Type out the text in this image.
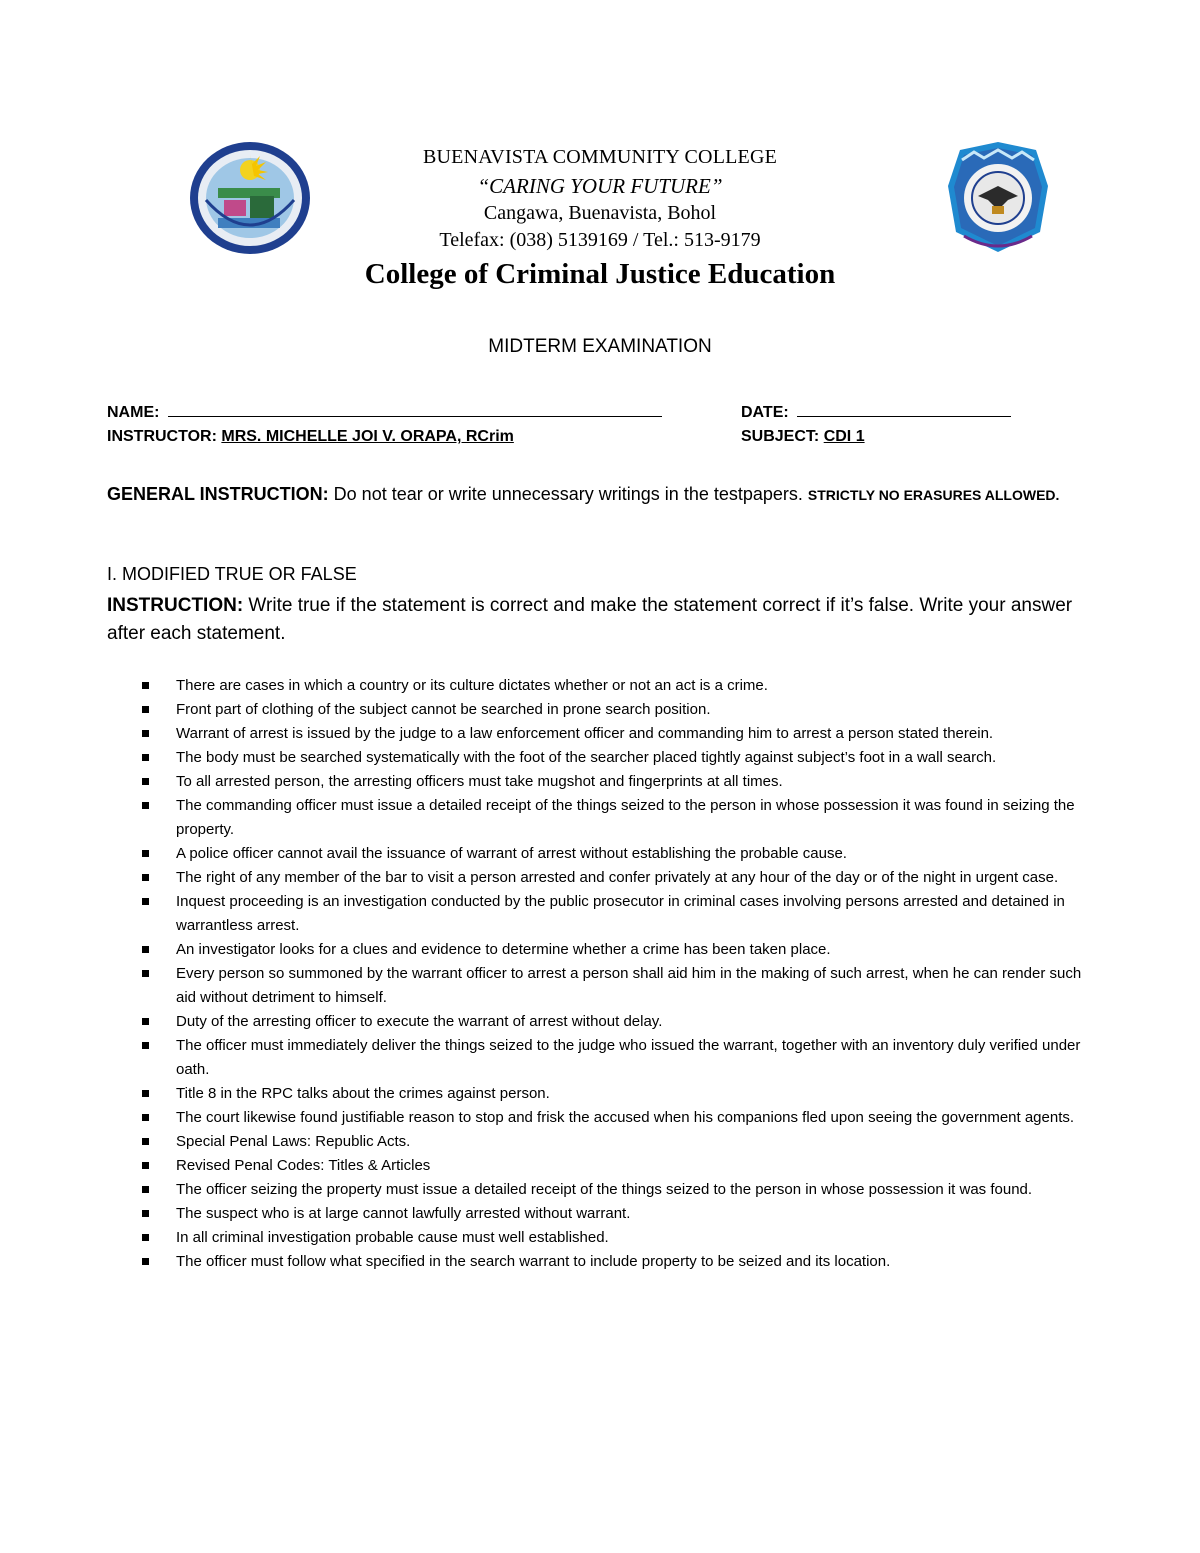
BUENAVISTA COMMUNITY COLLEGE
“CARING YOUR FUTURE”
Cangawa, Buenavista, Bohol
Telefax: (038) 5139169 / Tel.: 513-9179
College of Criminal Justice Education
MIDTERM EXAMINATION
NAME:	DATE:
INSTRUCTOR: MRS. MICHELLE JOI V. ORAPA, RCrim	SUBJECT: CDI 1
GENERAL INSTRUCTION: Do not tear or write unnecessary writings in the testpapers. STRICTLY NO ERASURES ALLOWED.
I. MODIFIED TRUE OR FALSE
INSTRUCTION: Write true if the statement is correct and make the statement correct if it’s false. Write your answer after each statement.
There are cases in which a country or its culture dictates whether or not an act is a crime.
Front part of clothing of the subject cannot be searched in prone search position.
Warrant of arrest is issued by the judge to a law enforcement officer and commanding him to arrest a person stated therein.
The body must be searched systematically with the foot of the searcher placed tightly against subject’s foot in a wall search.
To all arrested person, the arresting officers must take mugshot and fingerprints at all times.
The commanding officer must issue a detailed receipt of the things seized to the person in whose possession it was found in seizing the property.
A police officer cannot avail the issuance of warrant of arrest without establishing the probable cause.
The right of any member of the bar to visit a person arrested and confer privately at any hour of the day or of the night in urgent case.
Inquest proceeding is an investigation conducted by the public prosecutor in criminal cases involving persons arrested and detained in warrantless arrest.
An investigator looks for a clues and evidence to determine whether a crime has been taken place.
Every person so summoned by the warrant officer to arrest a person shall aid him in the making of such arrest, when he can render such aid without detriment to himself.
Duty of the arresting officer to execute the warrant of arrest without delay.
The officer must immediately deliver the things seized to the judge who issued the warrant, together with an inventory duly verified under oath.
Title 8 in the RPC talks about the crimes against person.
The court likewise found justifiable reason to stop and frisk the accused when his companions fled upon seeing the government agents.
Special Penal Laws: Republic Acts.
Revised Penal Codes: Titles & Articles
The officer seizing the property must issue a detailed receipt of the things seized to the person in whose possession it was found.
The suspect who is at large cannot lawfully arrested without warrant.
In all criminal investigation probable cause must well established.
The officer must follow what specified in the search warrant to include property to be seized and its location.
